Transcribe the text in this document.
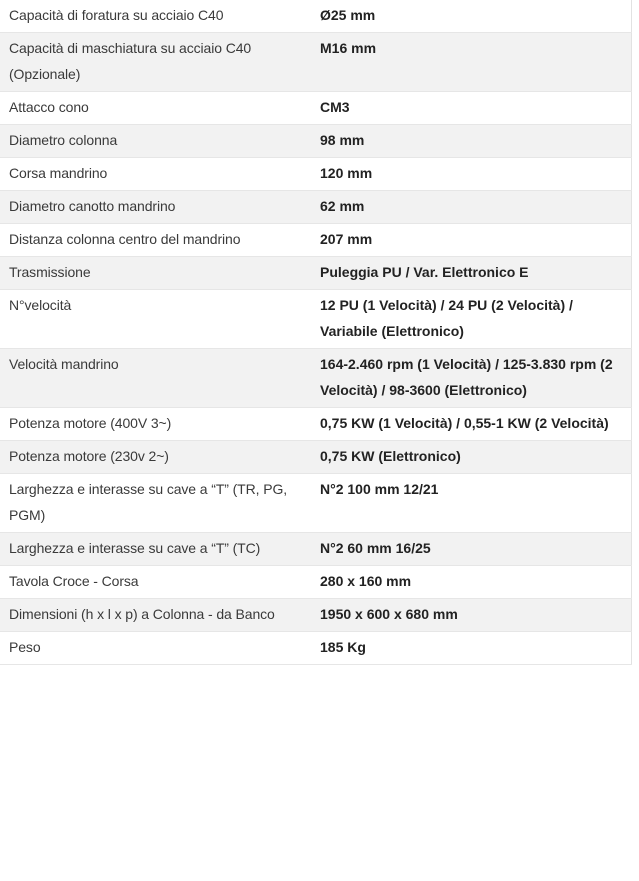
Capacità di foratura su acciaio C40	Ø25 mm
Capacità di maschiatura su acciaio C40 (Opzionale)	M16 mm
Attacco cono	CM3
Diametro colonna	98 mm
Corsa mandrino	120 mm
Diametro canotto mandrino	62 mm
Distanza colonna centro del mandrino	207 mm
Trasmissione	Puleggia PU / Var. Elettronico E
N°velocità	12 PU (1 Velocità) / 24 PU (2 Velocità) / Variabile (Elettronico)
Velocità mandrino	164-2.460 rpm (1 Velocità) / 125-3.830 rpm (2 Velocità) / 98-3600 (Elettronico)
Potenza motore (400V 3~)	0,75 KW (1 Velocità) / 0,55-1 KW (2 Velocità)
Potenza motore (230v 2~)	0,75 KW (Elettronico)
Larghezza e interasse su cave a “T” (TR, PG, PGM)	N°2 100 mm 12/21
Larghezza e interasse su cave a “T” (TC)	N°2 60 mm 16/25
Tavola Croce - Corsa	280 x 160 mm
Dimensioni (h x l x p) a Colonna - da Banco	1950 x 600 x 680 mm
Peso	185 Kg
